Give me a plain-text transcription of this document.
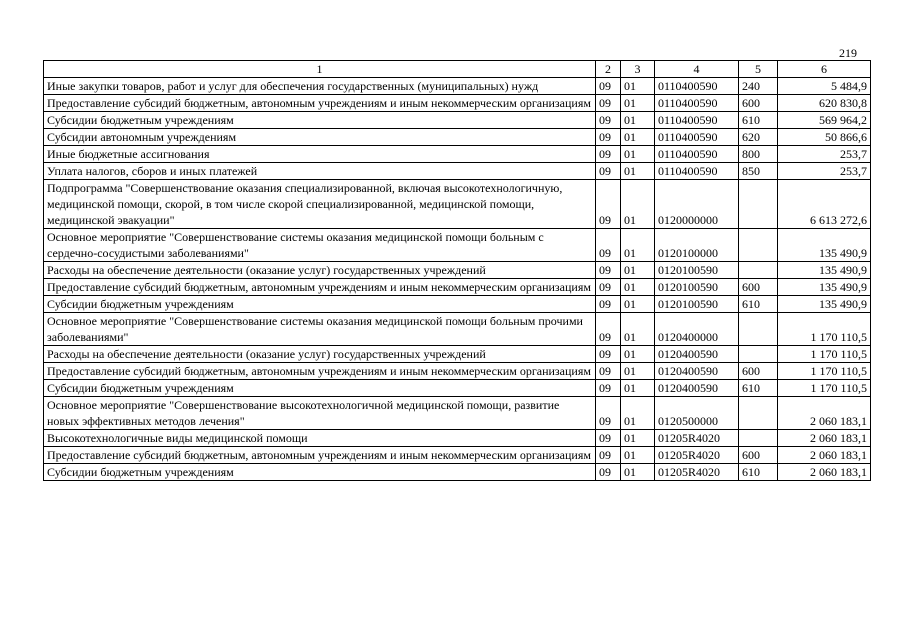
219
1	2	3	4	5	6
Иные закупки товаров, работ и услуг для обеспечения государственных (муниципальных) нужд	09	01	0110400590	240	5 484,9
Предоставление субсидий бюджетным, автономным учреждениям и иным некоммерческим организациям	09	01	0110400590	600	620 830,8
Субсидии бюджетным учреждениям	09	01	0110400590	610	569 964,2
Субсидии автономным учреждениям	09	01	0110400590	620	50 866,6
Иные бюджетные ассигнования	09	01	0110400590	800	253,7
Уплата налогов, сборов и иных платежей	09	01	0110400590	850	253,7
Подпрограмма "Совершенствование оказания специализированной, включая высокотехнологичную, медицинской помощи, скорой, в том числе скорой специализированной, медицинской помощи, медицинской эвакуации"	09	01	0120000000		6 613 272,6
Основное мероприятие "Совершенствование системы оказания медицинской помощи больным с сердечно-сосудистыми заболеваниями"	09	01	0120100000		135 490,9
Расходы на обеспечение деятельности (оказание услуг) государственных учреждений	09	01	0120100590		135 490,9
Предоставление субсидий бюджетным, автономным учреждениям и иным некоммерческим организациям	09	01	0120100590	600	135 490,9
Субсидии бюджетным учреждениям	09	01	0120100590	610	135 490,9
Основное мероприятие "Совершенствование системы оказания медицинской помощи больным прочими заболеваниями"	09	01	0120400000		1 170 110,5
Расходы на обеспечение деятельности (оказание услуг) государственных учреждений	09	01	0120400590		1 170 110,5
Предоставление субсидий бюджетным, автономным учреждениям и иным некоммерческим организациям	09	01	0120400590	600	1 170 110,5
Субсидии бюджетным учреждениям	09	01	0120400590	610	1 170 110,5
Основное мероприятие "Совершенствование высокотехнологичной медицинской помощи, развитие новых эффективных методов лечения"	09	01	0120500000		2 060 183,1
Высокотехнологичные виды медицинской помощи	09	01	01205R4020		2 060 183,1
Предоставление субсидий бюджетным, автономным учреждениям и иным некоммерческим организациям	09	01	01205R4020	600	2 060 183,1
Субсидии бюджетным учреждениям	09	01	01205R4020	610	2 060 183,1
